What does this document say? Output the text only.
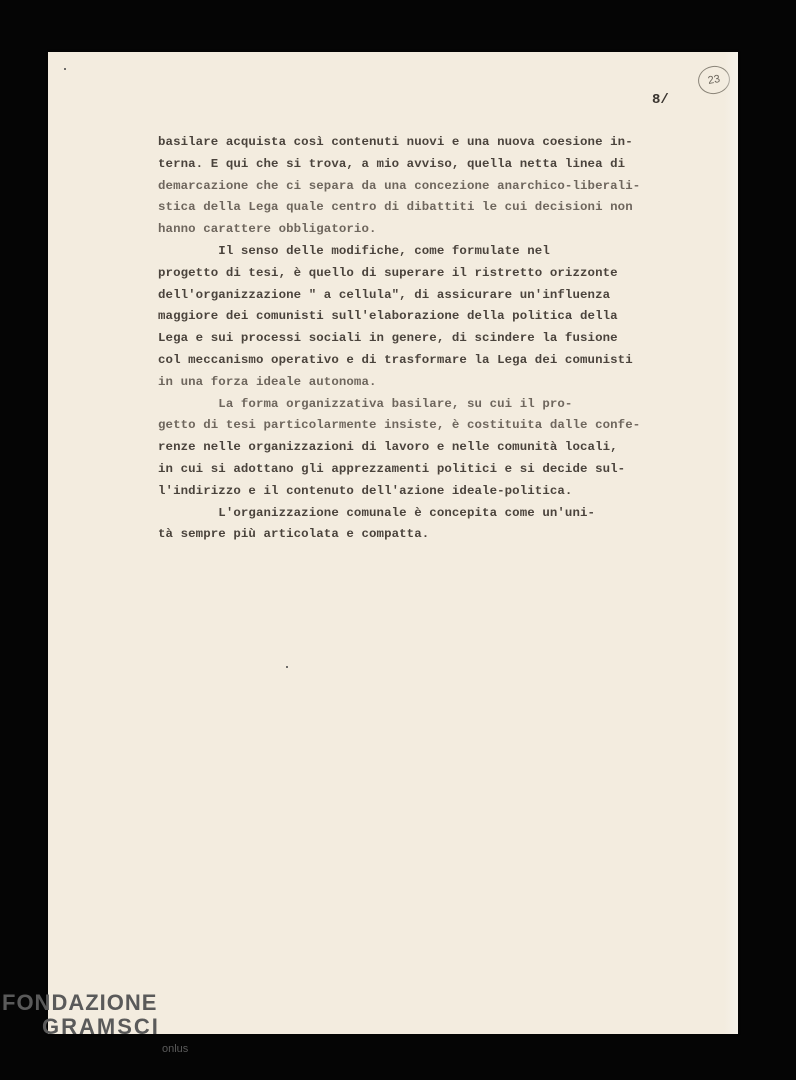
23
8/
basilare acquista così contenuti nuovi e una nuova coesione in-
terna. E qui che si trova, a mio avviso, quella netta linea di
demarcazione che ci separa da una concezione anarchico-liberali-
stica della Lega quale centro di dibattiti le cui decisioni non
hanno carattere obbligatorio.
Il senso delle modifiche, come formulate nel
progetto di tesi, è quello di superare il ristretto orizzonte
dell'organizzazione " a cellula", di assicurare un'influenza
maggiore dei comunisti sull'elaborazione della politica della
Lega e sui processi sociali in genere, di scindere la fusione
col meccanismo operativo e di trasformare la Lega dei comunisti
in una forza ideale autonoma.
La forma organizzativa basilare, su cui il pro-
getto di tesi particolarmente insiste, è costituita dalle confe-
renze nelle organizzazioni di lavoro e nelle comunità locali,
in cui si adottano gli apprezzamenti politici e si decide sul-
l'indirizzo e il contenuto dell'azione ideale-politica.
L'organizzazione comunale è concepita come un'uni-
tà sempre più articolata e compatta.
FONDAZIONE
GRAMSCI
onlus
